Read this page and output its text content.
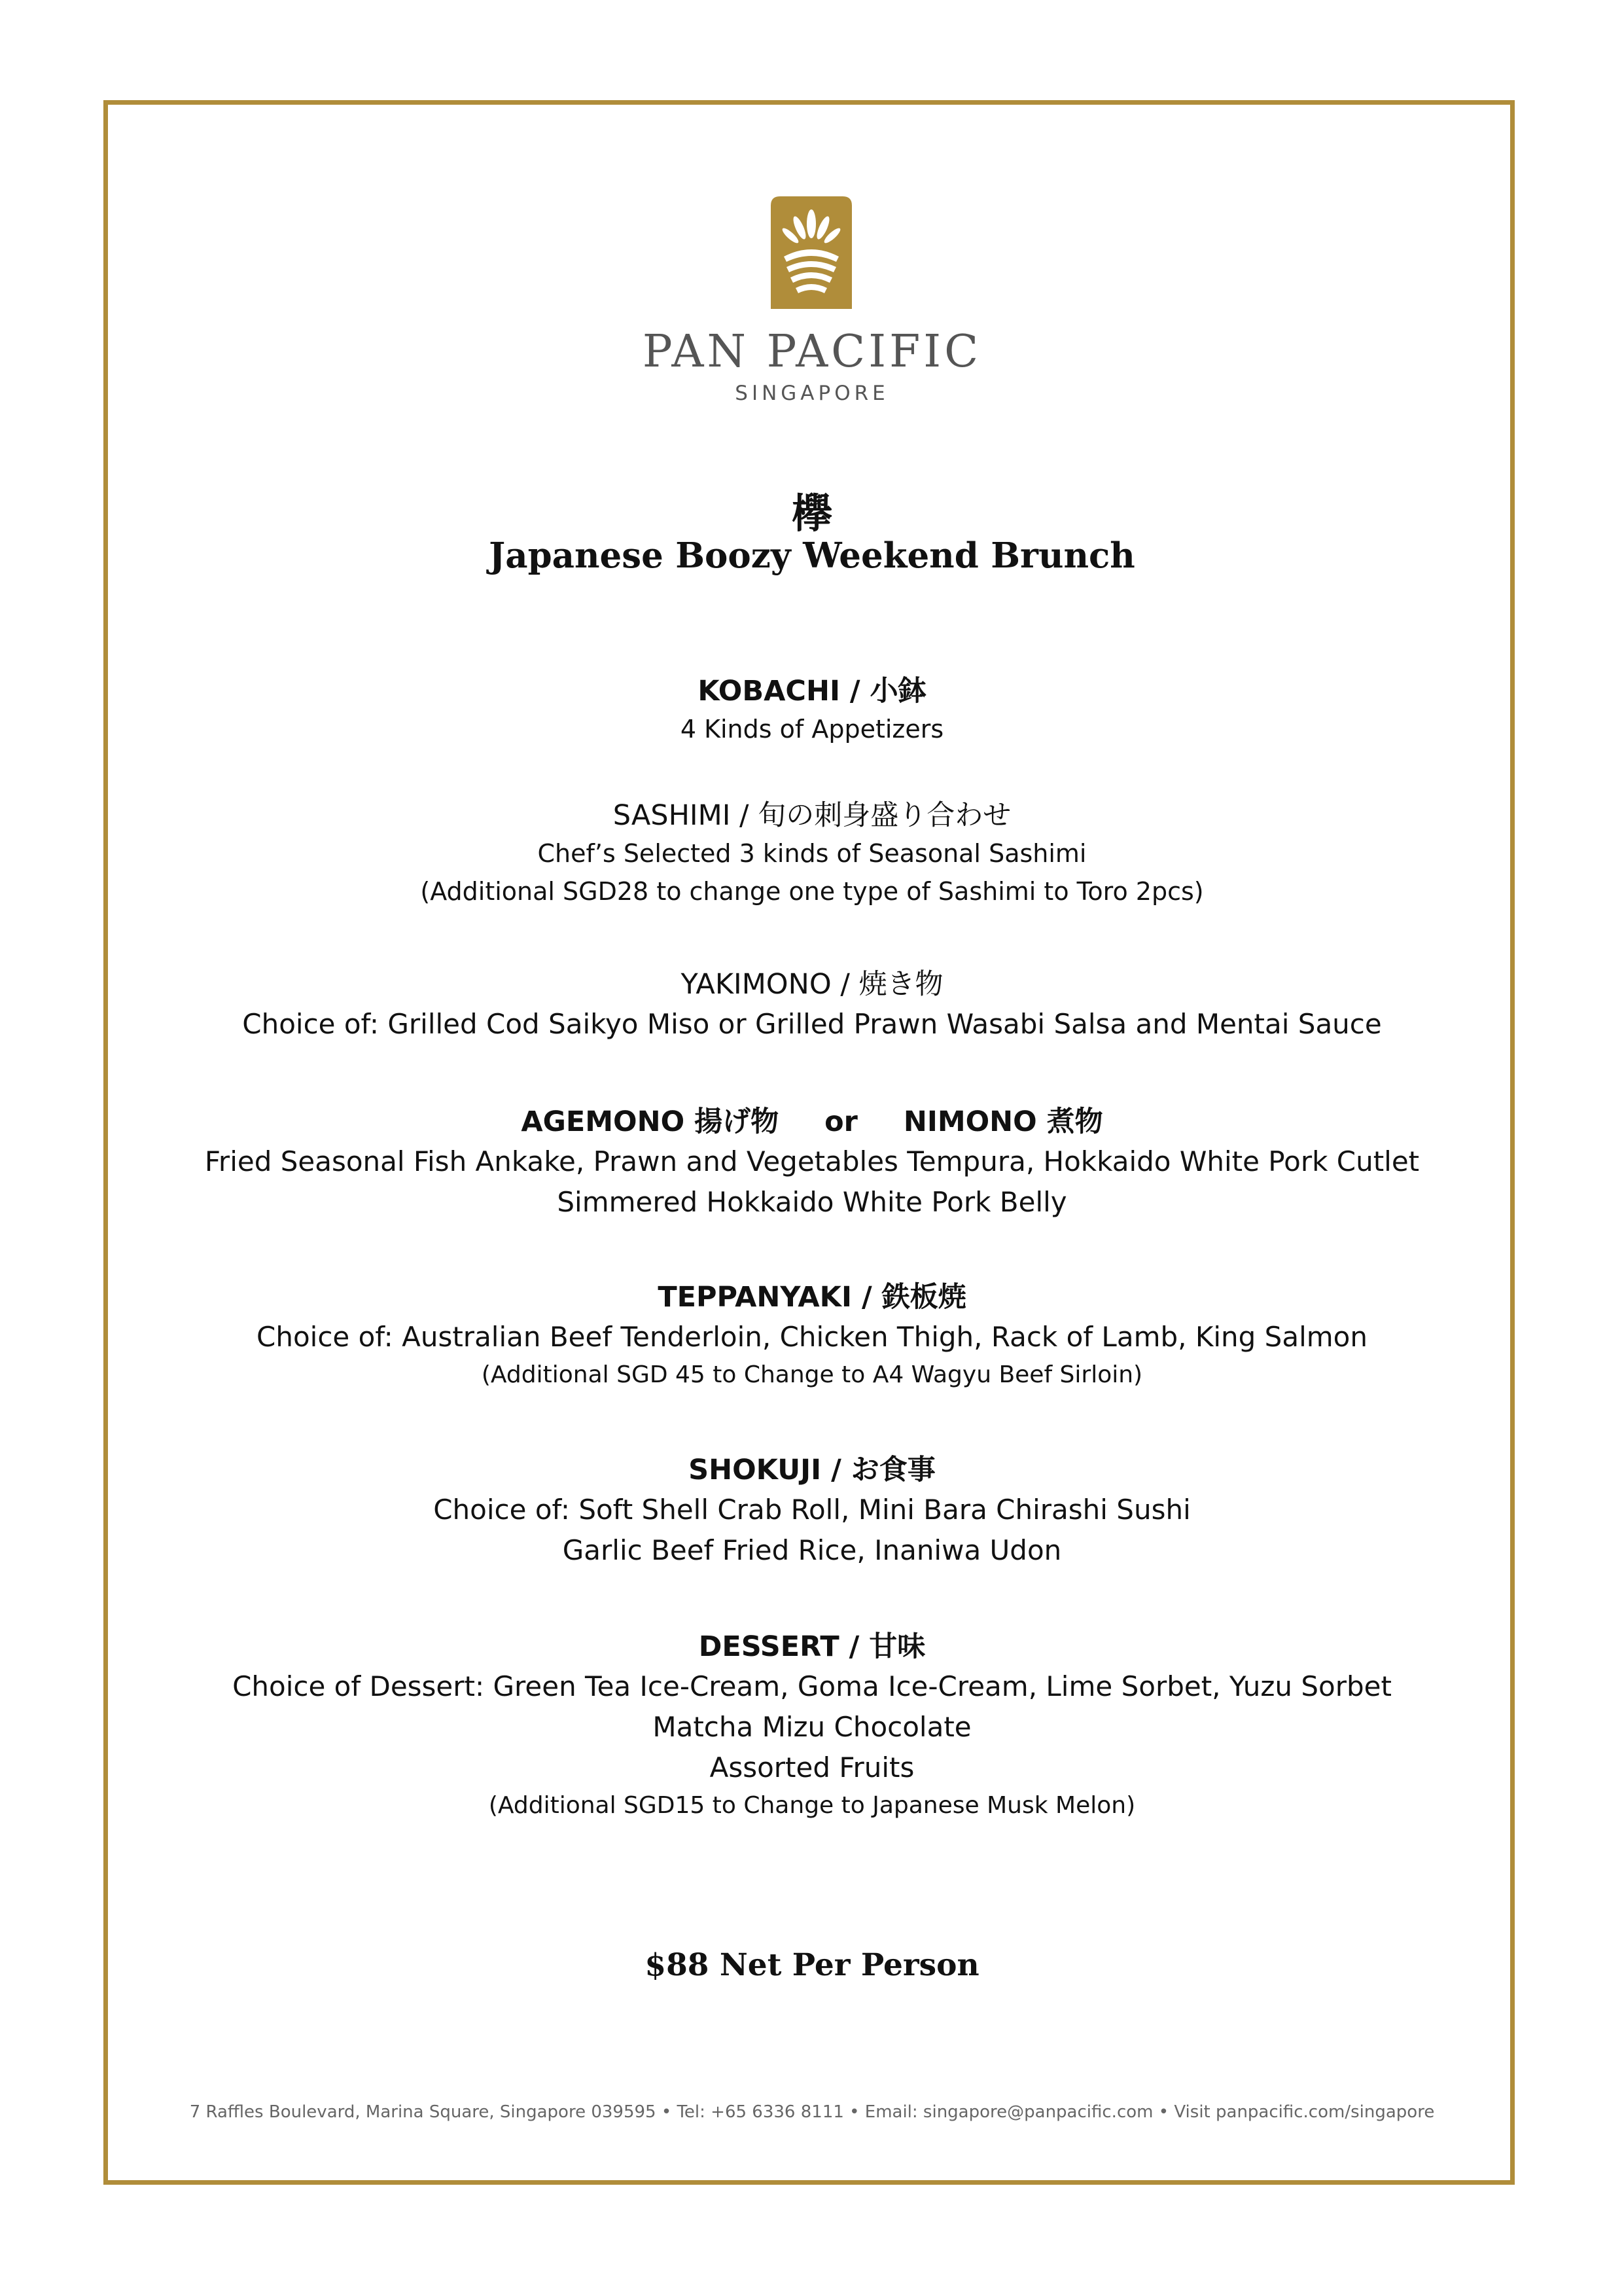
PAN PACIFIC
SINGAPORE
欅
Japanese Boozy Weekend Brunch
KOBACHI / 小鉢
4 Kinds of Appetizers
SASHIMI / 旬の刺身盛り合わせ
Chef’s Selected 3 kinds of Seasonal Sashimi
(Additional SGD28 to change one type of Sashimi to Toro 2pcs)
YAKIMONO / 焼き物
Choice of: Grilled Cod Saikyo Miso or Grilled Prawn Wasabi Salsa and Mentai Sauce
AGEMONO 揚げ物 or NIMONO 煮物
Fried Seasonal Fish Ankake, Prawn and Vegetables Tempura, Hokkaido White Pork Cutlet
Simmered Hokkaido White Pork Belly
TEPPANYAKI / 鉄板焼
Choice of: Australian Beef Tenderloin, Chicken Thigh, Rack of Lamb, King Salmon
(Additional SGD 45 to Change to A4 Wagyu Beef Sirloin)
SHOKUJI / お食事
Choice of: Soft Shell Crab Roll, Mini Bara Chirashi Sushi
Garlic Beef Fried Rice, Inaniwa Udon
DESSERT / 甘味
Choice of Dessert: Green Tea Ice-Cream, Goma Ice-Cream, Lime Sorbet, Yuzu Sorbet
Matcha Mizu Chocolate
Assorted Fruits
(Additional SGD15 to Change to Japanese Musk Melon)
$88 Net Per Person
7 Raffles Boulevard, Marina Square, Singapore 039595 • Tel: +65 6336 8111 • Email: singapore@panpacific.com • Visit panpacific.com/singapore
